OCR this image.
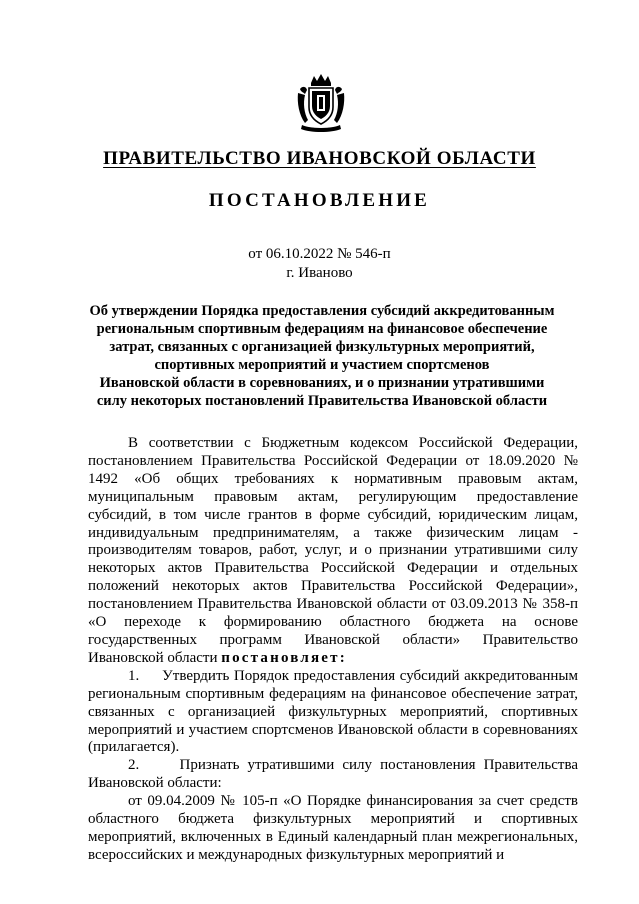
ПРАВИТЕЛЬСТВО ИВАНОВСКОЙ ОБЛАСТИ
ПОСТАНОВЛЕНИЕ
от 06.10.2022 № 546-п
г. Иваново
Об утверждении Порядка предоставления субсидий аккредитованным
региональным спортивным федерациям на финансовое обеспечение
затрат, связанных с организацией физкультурных мероприятий,
спортивных мероприятий и участием спортсменов
Ивановской области в соревнованиях, и о признании утратившими
силу некоторых постановлений Правительства Ивановской области

В соответствии с Бюджетным кодексом Российской Федерации, постановлением Правительства Российской Федерации от 18.09.2020 № 1492 «Об общих требованиях к нормативным правовым актам, муниципальным правовым актам, регулирующим предоставление субсидий, в том числе грантов в форме субсидий, юридическим лицам, индивидуальным предпринимателям, а также физическим лицам - производителям товаров, работ, услуг, и о признании утратившими силу некоторых актов Правительства Российской Федерации и отдельных положений некоторых актов Правительства Российской Федерации», постановлением Правительства Ивановской области от 03.09.2013 № 358-п «О переходе к формированию областного бюджета на основе государственных программ Ивановской области» Правительство Ивановской области постановляет:

1.     Утвердить Порядок предоставления субсидий аккредитованным региональным спортивным федерациям на финансовое обеспечение затрат, связанных с организацией физкультурных мероприятий, спортивных мероприятий и участием спортсменов Ивановской области в соревнованиях (прилагается).

2.     Признать утратившими силу постановления Правительства Ивановской области:

от 09.04.2009 № 105-п «О Порядке финансирования за счет средств областного бюджета физкультурных мероприятий и спортивных мероприятий, включенных в Единый календарный план межрегиональных, всероссийских и международных физкультурных мероприятий и
